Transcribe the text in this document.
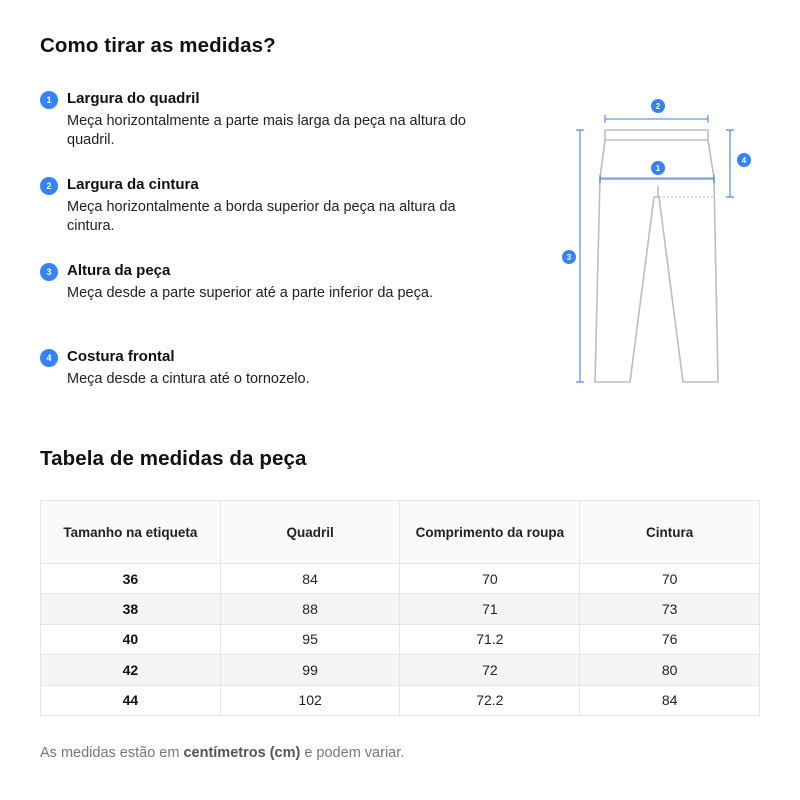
Como tirar as medidas?
1	Largura do quadril
Meça horizontalmente a parte mais larga da peça na altura do quadril.
2	Largura da cintura
Meça horizontalmente a borda superior da peça na altura da cintura.
3	Altura da peça
Meça desde a parte superior até a parte inferior da peça.
4	Costura frontal
Meça desde a cintura até o tornozelo.
2
1
3
4
Tabela de medidas da peça
Tamanho na etiqueta	Quadril	Comprimento da roupa	Cintura
36	84	70	70
38	88	71	73
40	95	71.2	76
42	99	72	80
44	102	72.2	84
As medidas estão em centímetros (cm) e podem variar.
